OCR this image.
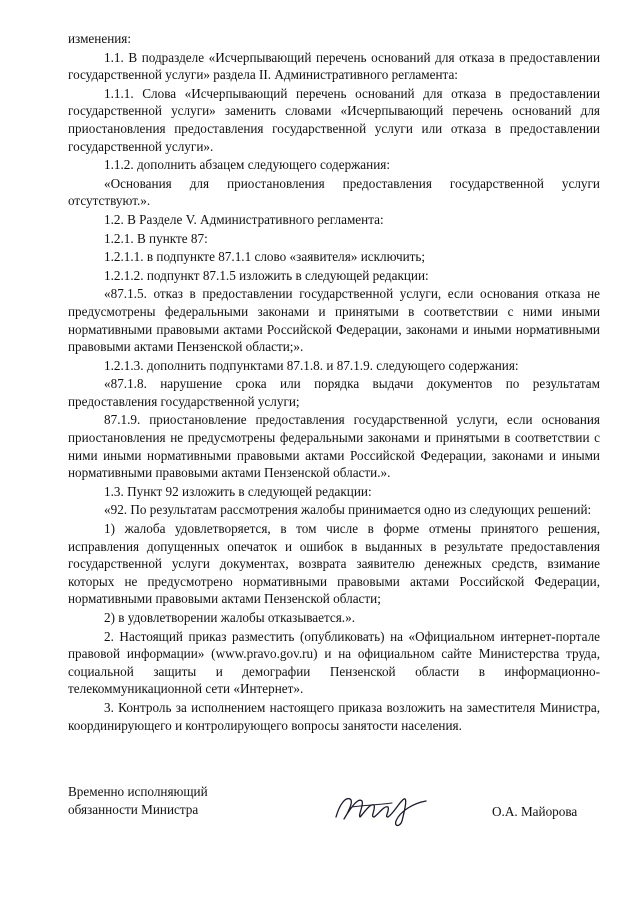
изменения:

1.1. В подразделе «Исчерпывающий перечень оснований для отказа в предоставлении государственной услуги» раздела II. Административного регламента:

1.1.1. Слова «Исчерпывающий перечень оснований для отказа в предоставлении государственной услуги» заменить словами «Исчерпывающий перечень оснований для приостановления предоставления государственной услуги или отказа в предоставлении государственной услуги».

1.1.2. дополнить абзацем следующего содержания:

«Основания для приостановления предоставления государственной услуги отсутствуют.».

1.2. В Разделе V. Административного регламента:

1.2.1. В пункте 87:

1.2.1.1. в подпункте 87.1.1 слово «заявителя» исключить;

1.2.1.2. подпункт 87.1.5 изложить в следующей редакции:

«87.1.5. отказ в предоставлении государственной услуги, если основания отказа не предусмотрены федеральными законами и принятыми в соответствии с ними иными нормативными правовыми актами Российской Федерации, законами и иными нормативными правовыми актами Пензенской области;».

1.2.1.3. дополнить подпунктами 87.1.8. и 87.1.9. следующего содержания:

«87.1.8. нарушение срока или порядка выдачи документов по результатам предоставления государственной услуги;

87.1.9. приостановление предоставления государственной услуги, если основания приостановления не предусмотрены федеральными законами и принятыми в соответствии с ними иными нормативными правовыми актами Российской Федерации, законами и иными нормативными правовыми актами Пензенской области.».

1.3. Пункт 92 изложить в следующей редакции:

«92. По результатам рассмотрения жалобы принимается одно из следующих решений:

1) жалоба удовлетворяется, в том числе в форме отмены принятого решения, исправления допущенных опечаток и ошибок в выданных в результате предоставления государственной услуги документах, возврата заявителю денежных средств, взимание которых не предусмотрено нормативными правовыми актами Российской Федерации, нормативными правовыми актами Пензенской области;

2) в удовлетворении жалобы отказывается.».

2. Настоящий приказ разместить (опубликовать) на «Официальном интернет-портале правовой информации» (www.pravo.gov.ru) и на официальном сайте Министерства труда, социальной защиты и демографии Пензенской области в информационно-телекоммуникационной сети «Интернет».

3. Контроль за исполнением настоящего приказа возложить на заместителя Министра, координирующего и контролирующего вопросы занятости населения.

Временно исполняющий
обязанности Министра	О.А. Майорова
